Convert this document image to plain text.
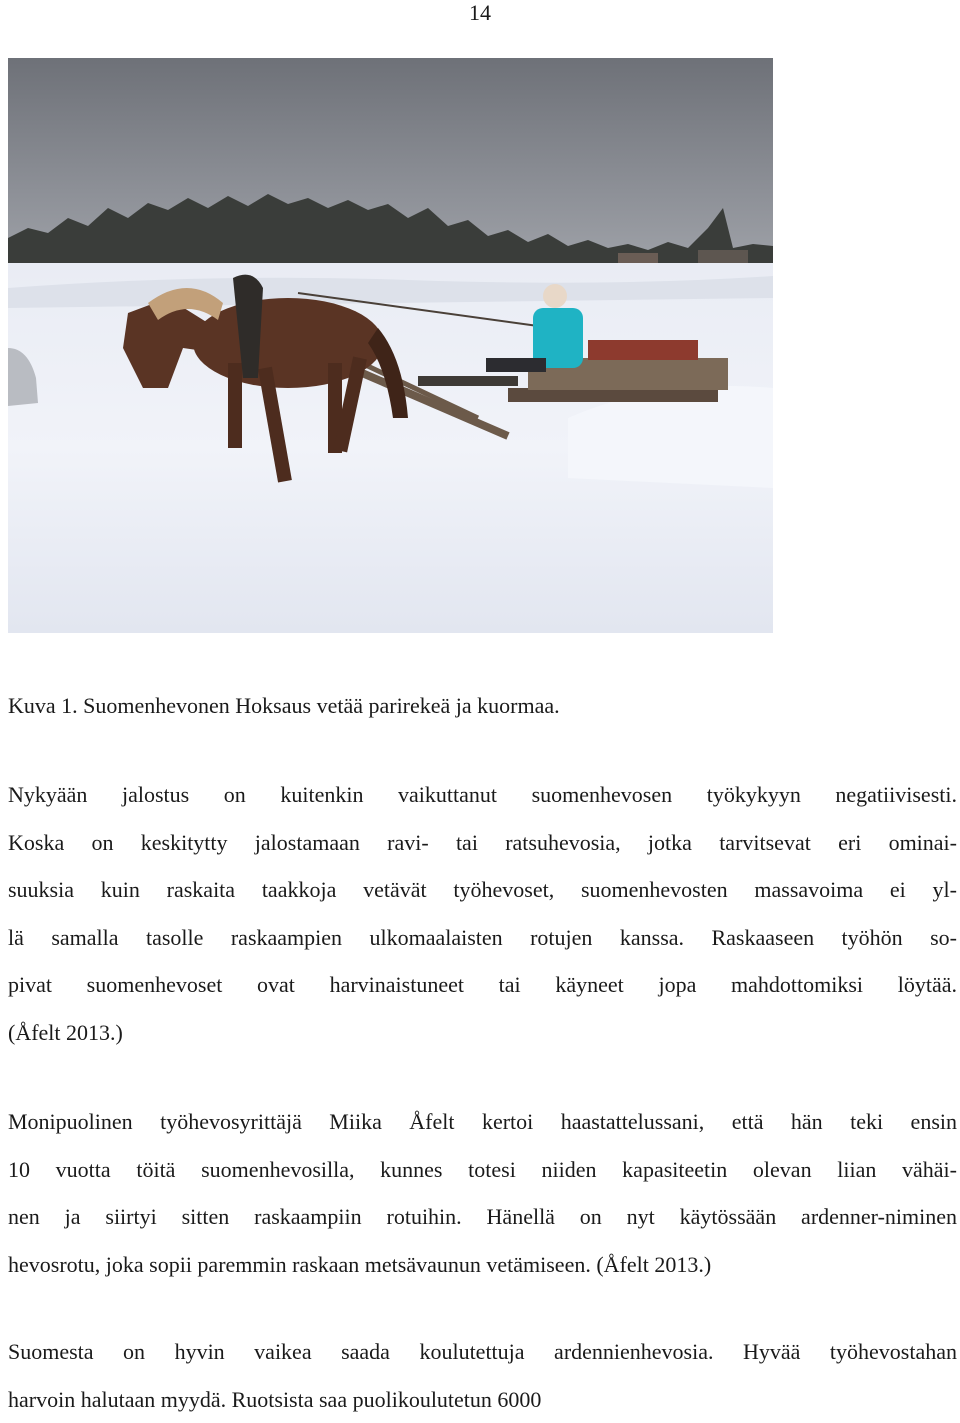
14
Kuva 1. Suomenhevonen Hoksaus vetää parirekeä ja kuormaa.
Nykyään jalostus on kuitenkin vaikuttanut suomenhevosen työkykyyn negatiivisesti.
Koska on keskitytty jalostamaan ravi- tai ratsuhevosia, jotka tarvitsevat eri ominai-
suuksia kuin raskaita taakkoja vetävät työhevoset, suomenhevosten massavoima ei yl-
lä samalla tasolle raskaampien ulkomaalaisten rotujen kanssa. Raskaaseen työhön so-
pivat suomenhevoset ovat harvinaistuneet tai käyneet jopa mahdottomiksi löytää.
(Åfelt 2013.)
Monipuolinen työhevosyrittäjä Miika Åfelt kertoi haastattelussani, että hän teki ensin
10 vuotta töitä suomenhevosilla, kunnes totesi niiden kapasiteetin olevan liian vähäi-
nen ja siirtyi sitten raskaampiin rotuihin. Hänellä on nyt käytössään ardenner-niminen
hevosrotu, joka sopii paremmin raskaan metsävaunun vetämiseen. (Åfelt 2013.)
Suomesta on hyvin vaikea saada koulutettuja ardennienhevosia. Hyvää työhevostahan
harvoin halutaan myydä. Ruotsista saa puolikoulutetun 6000
